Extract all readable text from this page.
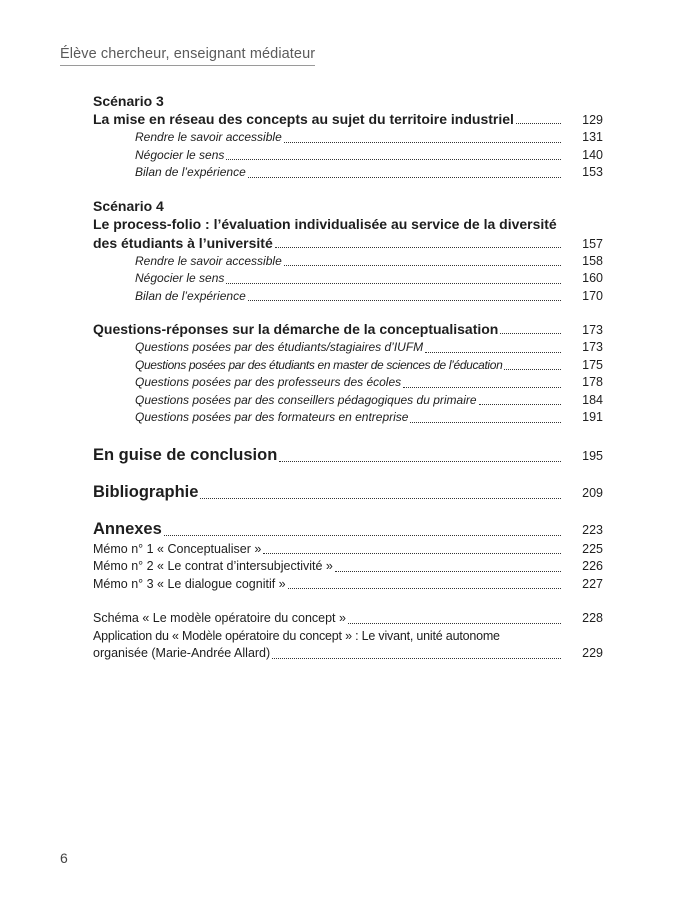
Élève chercheur, enseignant médiateur
Scénario 3
La mise en réseau des concepts au sujet du territoire industriel	129
Rendre le savoir accessible	131
Négocier le sens	140
Bilan de l’expérience	153
Scénario 4
Le process-folio : l’évaluation individualisée au service de la diversité
des étudiants à l’université	157
Rendre le savoir accessible	158
Négocier le sens	160
Bilan de l’expérience	170
Questions-réponses sur la démarche de la conceptualisation	173
Questions posées par des étudiants/stagiaires d’IUFM	173
Questions posées par des étudiants en master de sciences de l’éducation	175
Questions posées par des professeurs des écoles	178
Questions posées par des conseillers pédagogiques du primaire	184
Questions posées par des formateurs en entreprise	191
En guise de conclusion	195
Bibliographie	209
Annexes	223
Mémo n° 1 « Conceptualiser »	225
Mémo n° 2 « Le contrat d’intersubjectivité »	226
Mémo n° 3 « Le dialogue cognitif »	227
Schéma « Le modèle opératoire du concept »	228
Application du « Modèle opératoire du concept » : Le vivant, unité autonome
organisée (Marie-Andrée Allard)	229
6
